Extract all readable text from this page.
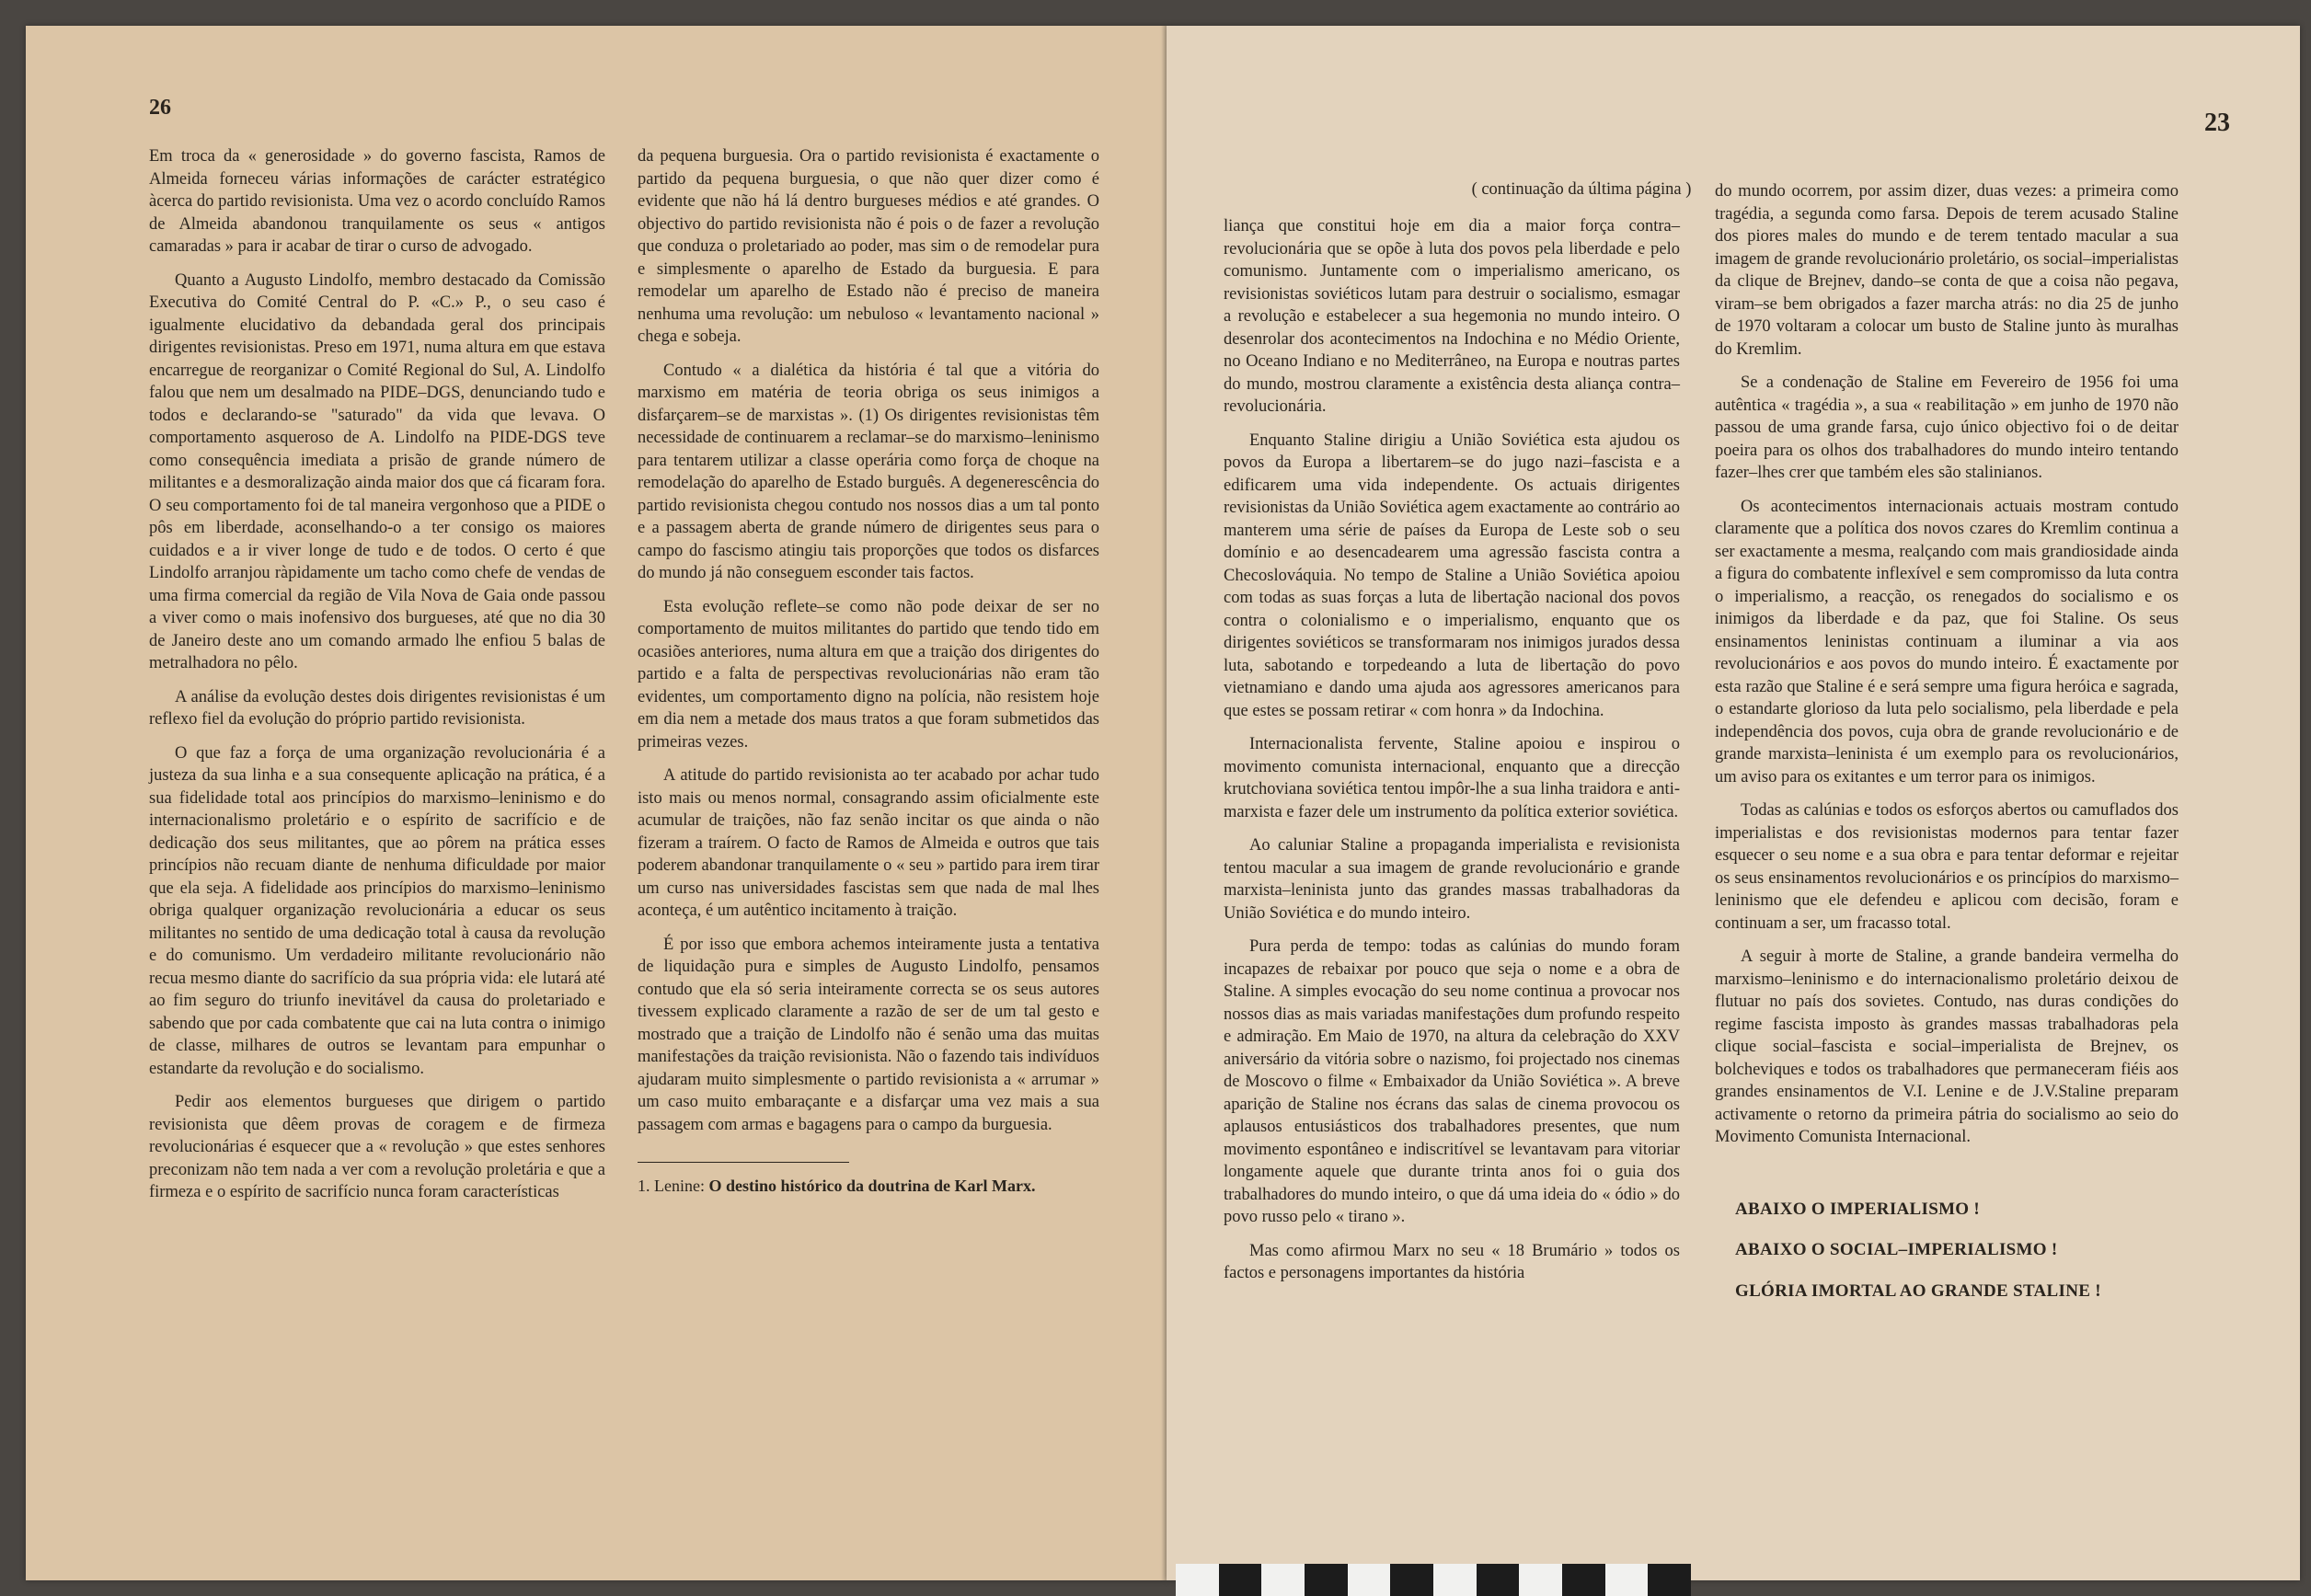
26

Em troca da « generosidade » do governo fascista, Ramos de Almeida forneceu várias informações de carácter estratégico àcerca do partido revisionista. Uma vez o acordo concluído Ramos de Almeida abandonou tranquilamente os seus « antigos camaradas » para ir acabar de tirar o curso de advogado.

Quanto a Augusto Lindolfo, membro destacado da Comissão Executiva do Comité Central do P. «C.» P., o seu caso é igualmente elucidativo da debandada geral dos principais dirigentes revisionistas. Preso em 1971, numa altura em que estava encarregue de reorganizar o Comité Regional do Sul, A. Lindolfo falou que nem um desalmado na PIDE–DGS, denunciando tudo e todos e declarando-se "saturado" da vida que levava. O comportamento asqueroso de A. Lindolfo na PIDE-DGS teve como consequência imediata a prisão de grande número de militantes e a desmoralização ainda maior dos que cá ficaram fora. O seu comportamento foi de tal maneira vergonhoso que a PIDE o pôs em liberdade, aconselhando-o a ter consigo os maiores cuidados e a ir viver longe de tudo e de todos. O certo é que Lindolfo arranjou ràpidamente um tacho como chefe de vendas de uma firma comercial da região de Vila Nova de Gaia onde passou a viver como o mais inofensivo dos burgueses, até que no dia 30 de Janeiro deste ano um comando armado lhe enfiou 5 balas de metralhadora no pêlo.

A análise da evolução destes dois dirigentes revisionistas é um reflexo fiel da evolução do próprio partido revisionista.

O que faz a força de uma organização revolucionária é a justeza da sua linha e a sua consequente aplicação na prática, é a sua fidelidade total aos princípios do marxismo–leninismo e do internacionalismo proletário e o espírito de sacrifício e de dedicação dos seus militantes, que ao pôrem na prática esses princípios não recuam diante de nenhuma dificuldade por maior que ela seja. A fidelidade aos princípios do marxismo–leninismo obriga qualquer organização revolucionária a educar os seus militantes no sentido de uma dedicação total à causa da revolução e do comunismo. Um verdadeiro militante revolucionário não recua mesmo diante do sacrifício da sua própria vida: ele lutará até ao fim seguro do triunfo inevitável da causa do proletariado e sabendo que por cada combatente que cai na luta contra o inimigo de classe, milhares de outros se levantam para empunhar o estandarte da revolução e do socialismo.

Pedir aos elementos burgueses que dirigem o partido revisionista que dêem provas de coragem e de firmeza revolucionárias é esquecer que a « revolução » que estes senhores preconizam não tem nada a ver com a revolução proletária e que a firmeza e o espírito de sacrifício nunca foram características

da pequena burguesia. Ora o partido revisionista é exactamente o partido da pequena burguesia, o que não quer dizer como é evidente que não há lá dentro burgueses médios e até grandes. O objectivo do partido revisionista não é pois o de fazer a revolução que conduza o proletariado ao poder, mas sim o de remodelar pura e simplesmente o aparelho de Estado da burguesia. E para remodelar um aparelho de Estado não é preciso de maneira nenhuma uma revolução: um nebuloso « levantamento nacional » chega e sobeja.

Contudo « a dialética da história é tal que a vitória do marxismo em matéria de teoria obriga os seus inimigos a disfarçarem–se de marxistas ». (1) Os dirigentes revisionistas têm necessidade de continuarem a reclamar–se do marxismo–leninismo para tentarem utilizar a classe operária como força de choque na remodelação do aparelho de Estado burguês. A degenerescência do partido revisionista chegou contudo nos nossos dias a um tal ponto e a passagem aberta de grande número de dirigentes seus para o campo do fascismo atingiu tais proporções que todos os disfarces do mundo já não conseguem esconder tais factos.

Esta evolução reflete–se como não pode deixar de ser no comportamento de muitos militantes do partido que tendo tido em ocasiões anteriores, numa altura em que a traição dos dirigentes do partido e a falta de perspectivas revolucionárias não eram tão evidentes, um comportamento digno na polícia, não resistem hoje em dia nem a metade dos maus tratos a que foram submetidos das primeiras vezes.

A atitude do partido revisionista ao ter acabado por achar tudo isto mais ou menos normal, consagrando assim oficialmente este acumular de traições, não faz senão incitar os que ainda o não fizeram a traírem. O facto de Ramos de Almeida e outros que tais poderem abandonar tranquilamente o « seu » partido para irem tirar um curso nas universidades fascistas sem que nada de mal lhes aconteça, é um autêntico incitamento à traição.

É por isso que embora achemos inteiramente justa a tentativa de liquidação pura e simples de Augusto Lindolfo, pensamos contudo que ela só seria inteiramente correcta se os seus autores tivessem explicado claramente a razão de ser de um tal gesto e mostrado que a traição de Lindolfo não é senão uma das muitas manifestações da traição revisionista. Não o fazendo tais indivíduos ajudaram muito simplesmente o partido revisionista a « arrumar » um caso muito embaraçante e a disfarçar uma vez mais a sua passagem com armas e bagagens para o campo da burguesia.

1. Lenine: O destino histórico da doutrina de Karl Marx.

23
( continuação da última página )

liança que constitui hoje em dia a maior força contra–revolucionária que se opõe à luta dos povos pela liberdade e pelo comunismo. Juntamente com o imperialismo americano, os revisionistas soviéticos lutam para destruir o socialismo, esmagar a revolução e estabelecer a sua hegemonia no mundo inteiro. O desenrolar dos acontecimentos na Indochina e no Médio Oriente, no Oceano Indiano e no Mediterrâneo, na Europa e noutras partes do mundo, mostrou claramente a existência desta aliança contra–revolucionária.

Enquanto Staline dirigiu a União Soviética esta ajudou os povos da Europa a libertarem–se do jugo nazi–fascista e a edificarem uma vida independente. Os actuais dirigentes revisionistas da União Soviética agem exactamente ao contrário ao manterem uma série de países da Europa de Leste sob o seu domínio e ao desencadearem uma agressão fascista contra a Checoslováquia. No tempo de Staline a União Soviética apoiou com todas as suas forças a luta de libertação nacional dos povos contra o colonialismo e o imperialismo, enquanto que os dirigentes soviéticos se transformaram nos inimigos jurados dessa luta, sabotando e torpedeando a luta de libertação do povo vietnamiano e dando uma ajuda aos agressores americanos para que estes se possam retirar « com honra » da Indochina.

Internacionalista fervente, Staline apoiou e inspirou o movimento comunista internacional, enquanto que a direcção krutchoviana soviética tentou impôr-lhe a sua linha traidora e anti-marxista e fazer dele um instrumento da política exterior soviética.

Ao caluniar Staline a propaganda imperialista e revisionista tentou macular a sua imagem de grande revolucionário e grande marxista–leninista junto das grandes massas trabalhadoras da União Soviética e do mundo inteiro.

Pura perda de tempo: todas as calúnias do mundo foram incapazes de rebaixar por pouco que seja o nome e a obra de Staline. A simples evocação do seu nome continua a provocar nos nossos dias as mais variadas manifestações dum profundo respeito e admiração. Em Maio de 1970, na altura da celebração do XXV aniversário da vitória sobre o nazismo, foi projectado nos cinemas de Moscovo o filme « Embaixador da União Soviética ». A breve aparição de Staline nos écrans das salas de cinema provocou os aplausos entusiásticos dos trabalhadores presentes, que num movimento espontâneo e indiscritível se levantavam para vitoriar longamente aquele que durante trinta anos foi o guia dos trabalhadores do mundo inteiro, o que dá uma ideia do « ódio » do povo russo pelo « tirano ».

Mas como afirmou Marx no seu « 18 Brumário » todos os factos e personagens importantes da história

do mundo ocorrem, por assim dizer, duas vezes: a primeira como tragédia, a segunda como farsa. Depois de terem acusado Staline dos piores males do mundo e de terem tentado macular a sua imagem de grande revolucionário proletário, os social–imperialistas da clique de Brejnev, dando–se conta de que a coisa não pegava, viram–se bem obrigados a fazer marcha atrás: no dia 25 de junho de 1970 voltaram a colocar um busto de Staline junto às muralhas do Kremlim.

Se a condenação de Staline em Fevereiro de 1956 foi uma autêntica « tragédia », a sua « reabilitação » em junho de 1970 não passou de uma grande farsa, cujo único objectivo foi o de deitar poeira para os olhos dos trabalhadores do mundo inteiro tentando fazer–lhes crer que também eles são stalinianos.

Os acontecimentos internacionais actuais mostram contudo claramente que a política dos novos czares do Kremlim continua a ser exactamente a mesma, realçando com mais grandiosidade ainda a figura do combatente inflexível e sem compromisso da luta contra o imperialismo, a reacção, os renegados do socialismo e os inimigos da liberdade e da paz, que foi Staline. Os seus ensinamentos leninistas continuam a iluminar a via aos revolucionários e aos povos do mundo inteiro. É exactamente por esta razão que Staline é e será sempre uma figura heróica e sagrada, o estandarte glorioso da luta pelo socialismo, pela liberdade e pela independência dos povos, cuja obra de grande revolucionário e de grande marxista–leninista é um exemplo para os revolucionários, um aviso para os exitantes e um terror para os inimigos.

Todas as calúnias e todos os esforços abertos ou camuflados dos imperialistas e dos revisionistas modernos para tentar fazer esquecer o seu nome e a sua obra e para tentar deformar e rejeitar os seus ensinamentos revolucionários e os princípios do marxismo–leninismo que ele defendeu e aplicou com decisão, foram e continuam a ser, um fracasso total.

A seguir à morte de Staline, a grande bandeira vermelha do marxismo–leninismo e do internacionalismo proletário deixou de flutuar no país dos sovietes. Contudo, nas duras condições do regime fascista imposto às grandes massas trabalhadoras pela clique social–fascista e social–imperialista de Brejnev, os bolcheviques e todos os trabalhadores que permaneceram fiéis aos grandes ensinamentos de V.I. Lenine e de J.V.Staline preparam activamente o retorno da primeira pátria do socialismo ao seio do Movimento Comunista Internacional.

ABAIXO O IMPERIALISMO !
ABAIXO O SOCIAL–IMPERIALISMO !
GLÓRIA IMORTAL AO GRANDE STALINE !
